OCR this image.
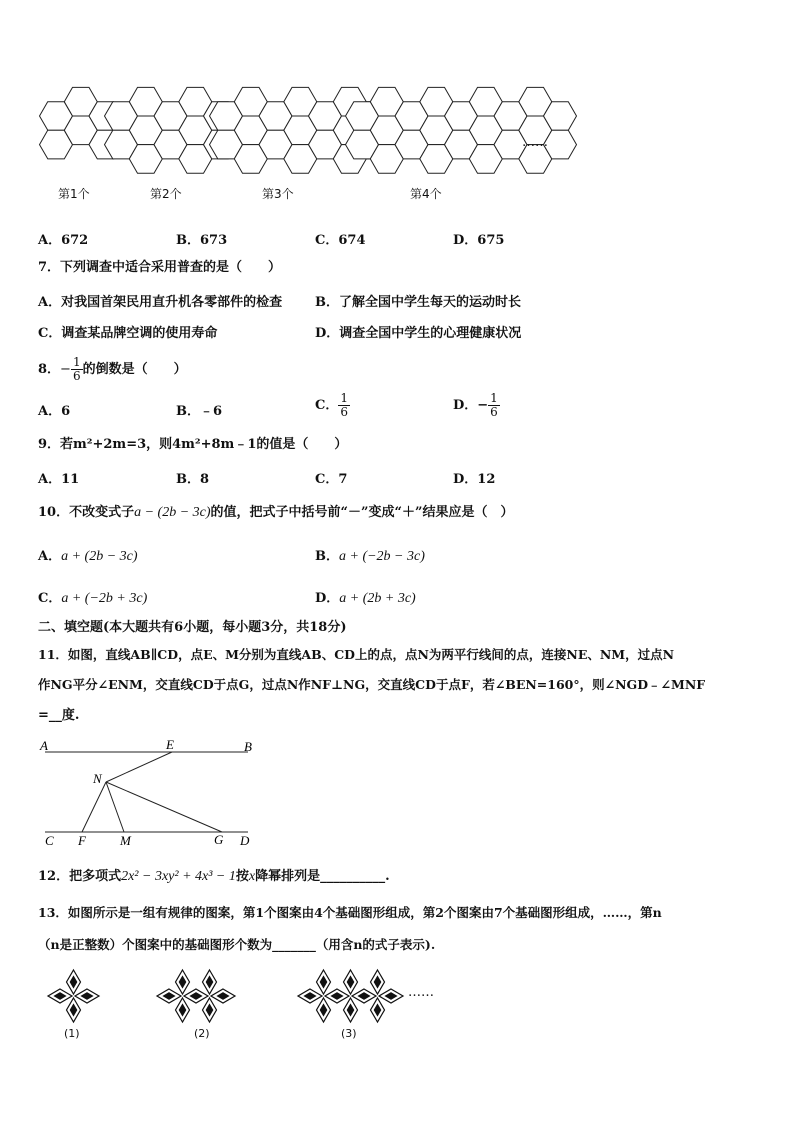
第1个	第2个	第3个	第4个
……
A．672	B．673	C．674	D．675
7．下列调查中适合采用普查的是（　　）
A．对我国首架民用直升机各零部件的检查	B．了解全国中学生每天的运动时长
C．调查某品牌空调的使用寿命	D．调查全国中学生的心理健康状况
8．− $\frac{1}{6}$ 的倒数是（　　）
A．6	B．﹣6	C． $\frac{1}{6}$	D．− $\frac{1}{6}$
9．若m²+2m=3，则4m²+8m﹣1的值是（　　）
A．11	B．8	C．7	D．12
10．不改变式子a − (2b − 3c)的值，把式子中括号前“－”变成“＋”结果应是（　）
A．a + (2b − 3c)	B．a + (−2b − 3c)
C．a + (−2b + 3c)	D．a + (2b + 3c)
二、填空题(本大题共有6小题，每小题3分，共18分)
11．如图，直线AB∥CD，点E、M分别为直线AB、CD上的点，点N为两平行线间的点，连接NE、NM，过点N
作NG平分∠ENM，交直线CD于点G，过点N作NF⊥NG，交直线CD于点F，若∠BEN=160°，则∠NGD﹣∠MNF
=__度.
A	E	B
N
C F	M	G D
12．把多项式2x² − 3xy² + 4x³ − 1按x降幂排列是__________.
13．如图所示是一组有规律的图案，第1个图案由4个基础图形组成，第2个图案由7个基础图形组成，……，第n
（n是正整数）个图案中的基础图形个数为_______（用含n的式子表示).
(1)	(2)	(3)
……
